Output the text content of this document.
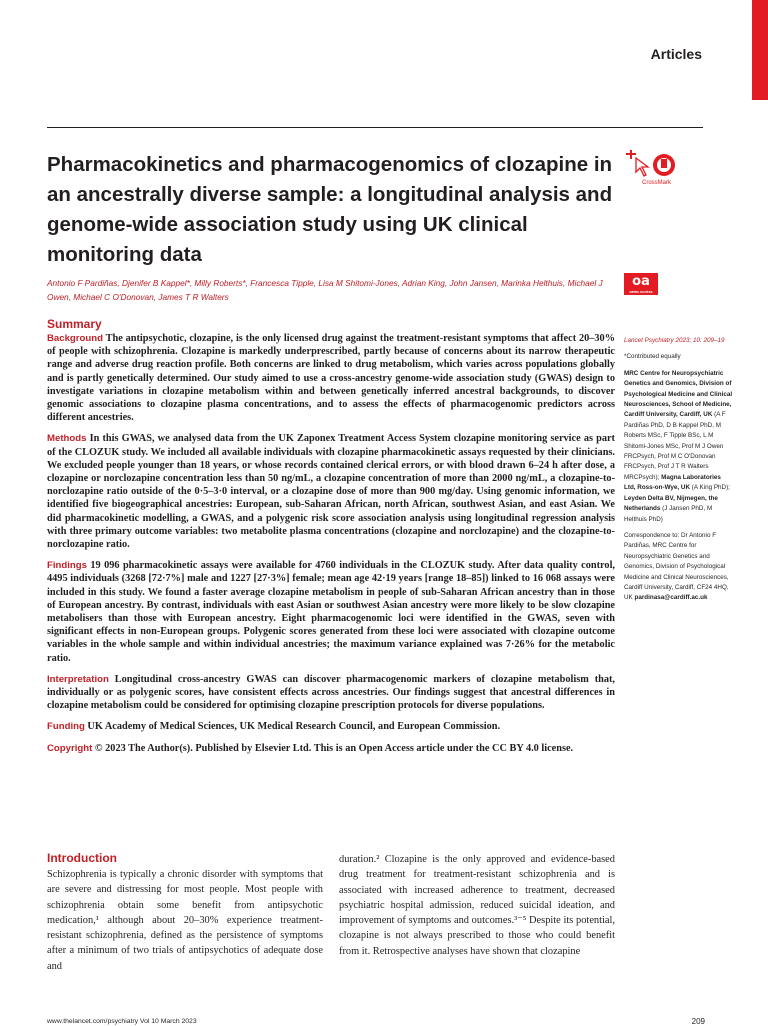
Articles
Pharmacokinetics and pharmacogenomics of clozapine in an ancestrally diverse sample: a longitudinal analysis and genome-wide association study using UK clinical monitoring data
CrossMark
oa
OPEN ACCESS

Antonio F Pardiñas, Djenifer B Kappel*, Milly Roberts*, Francesca Tipple, Lisa M Shitomi-Jones, Adrian King, John Jansen, Marinka Helthuis, Michael J Owen, Michael C O'Donovan, James T R Walters

Summary

Background The antipsychotic, clozapine, is the only licensed drug against the treatment-resistant symptoms that affect 20–30% of people with schizophrenia. Clozapine is markedly underprescribed, partly because of concerns about its narrow therapeutic range and adverse drug reaction profile. Both concerns are linked to drug metabolism, which varies across populations globally and is partly genetically determined. Our study aimed to use a cross-ancestry genome-wide association study (GWAS) design to investigate variations in clozapine metabolism within and between genetically inferred ancestral backgrounds, to discover genomic associations to clozapine plasma concentrations, and to assess the effects of pharmacogenomic predictors across different ancestries.

Methods In this GWAS, we analysed data from the UK Zaponex Treatment Access System clozapine monitoring service as part of the CLOZUK study. We included all available individuals with clozapine pharmacokinetic assays requested by their clinicians. We excluded people younger than 18 years, or whose records contained clerical errors, or with blood drawn 6–24 h after dose, a clozapine or norclozapine concentration less than 50 ng/mL, a clozapine concentration of more than 2000 ng/mL, a clozapine-to-norclozapine ratio outside of the 0·5–3·0 interval, or a clozapine dose of more than 900 mg/day. Using genomic information, we identified five biogeographical ancestries: European, sub-Saharan African, north African, southwest Asian, and east Asian. We did pharmacokinetic modelling, a GWAS, and a polygenic risk score association analysis using longitudinal regression analysis with three primary outcome variables: two metabolite plasma concentrations (clozapine and norclozapine) and the clozapine-to-norclozapine ratio.

Findings 19 096 pharmacokinetic assays were available for 4760 individuals in the CLOZUK study. After data quality control, 4495 individuals (3268 [72·7%] male and 1227 [27·3%] female; mean age 42·19 years [range 18–85]) linked to 16 068 assays were included in this study. We found a faster average clozapine metabolism in people of sub-Saharan African ancestry than in those of European ancestry. By contrast, individuals with east Asian or southwest Asian ancestry were more likely to be slow clozapine metabolisers than those with European ancestry. Eight pharmacogenomic loci were identified in the GWAS, seven with significant effects in non-European groups. Polygenic scores generated from these loci were associated with clozapine outcome variables in the whole sample and within individual ancestries; the maximum variance explained was 7·26% for the metabolic ratio.

Interpretation Longitudinal cross-ancestry GWAS can discover pharmacogenomic markers of clozapine metabolism that, individually or as polygenic scores, have consistent effects across ancestries. Our findings suggest that ancestral differences in clozapine metabolism could be considered for optimising clozapine prescription protocols for diverse populations.

Funding UK Academy of Medical Sciences, UK Medical Research Council, and European Commission.

Copyright © 2023 The Author(s). Published by Elsevier Ltd. This is an Open Access article under the CC BY 4.0 license.

Introduction

Schizophrenia is typically a chronic disorder with symptoms that are severe and distressing for most people. Most people with schizophrenia obtain some benefit from antipsychotic medication,¹ although about 20–30% experience treatment-resistant schizophrenia, defined as the persistence of symptoms after a minimum of two trials of antipsychotics of adequate dose and

duration.² Clozapine is the only approved and evidence-based drug treatment for treatment-resistant schizophrenia and is associated with increased adherence to treatment, decreased psychiatric hospital admission, reduced suicidal ideation, and improvement of symptoms and outcomes.³⁻⁵ Despite its potential, clozapine is not always prescribed to those who could benefit from it. Retrospective analyses have shown that clozapine

Lancet Psychiatry 2023; 10: 209–19

*Contributed equally

MRC Centre for Neuropsychiatric Genetics and Genomics, Division of Psychological Medicine and Clinical Neurosciences, School of Medicine, Cardiff University, Cardiff, UK (A F Pardiñas PhD, D B Kappel PhD, M Roberts MSc, F Tipple BSc, L M Shitomi-Jones MSc, Prof M J Owen FRCPsych, Prof M C O'Donovan FRCPsych, Prof J T R Walters MRCPsych); Magna Laboratories Ltd, Ross-on-Wye, UK (A King PhD); Leyden Delta BV, Nijmegen, the Netherlands (J Jansen PhD, M Helthuis PhD)

Correspondence to: Dr Antonio F Pardiñas, MRC Centre for Neuropsychiatric Genetics and Genomics, Division of Psychological Medicine and Clinical Neurosciences, Cardiff University, Cardiff, CF24 4HQ, UK pardinasa@cardiff.ac.uk

www.thelancet.com/psychiatry Vol 10 March 2023	209
